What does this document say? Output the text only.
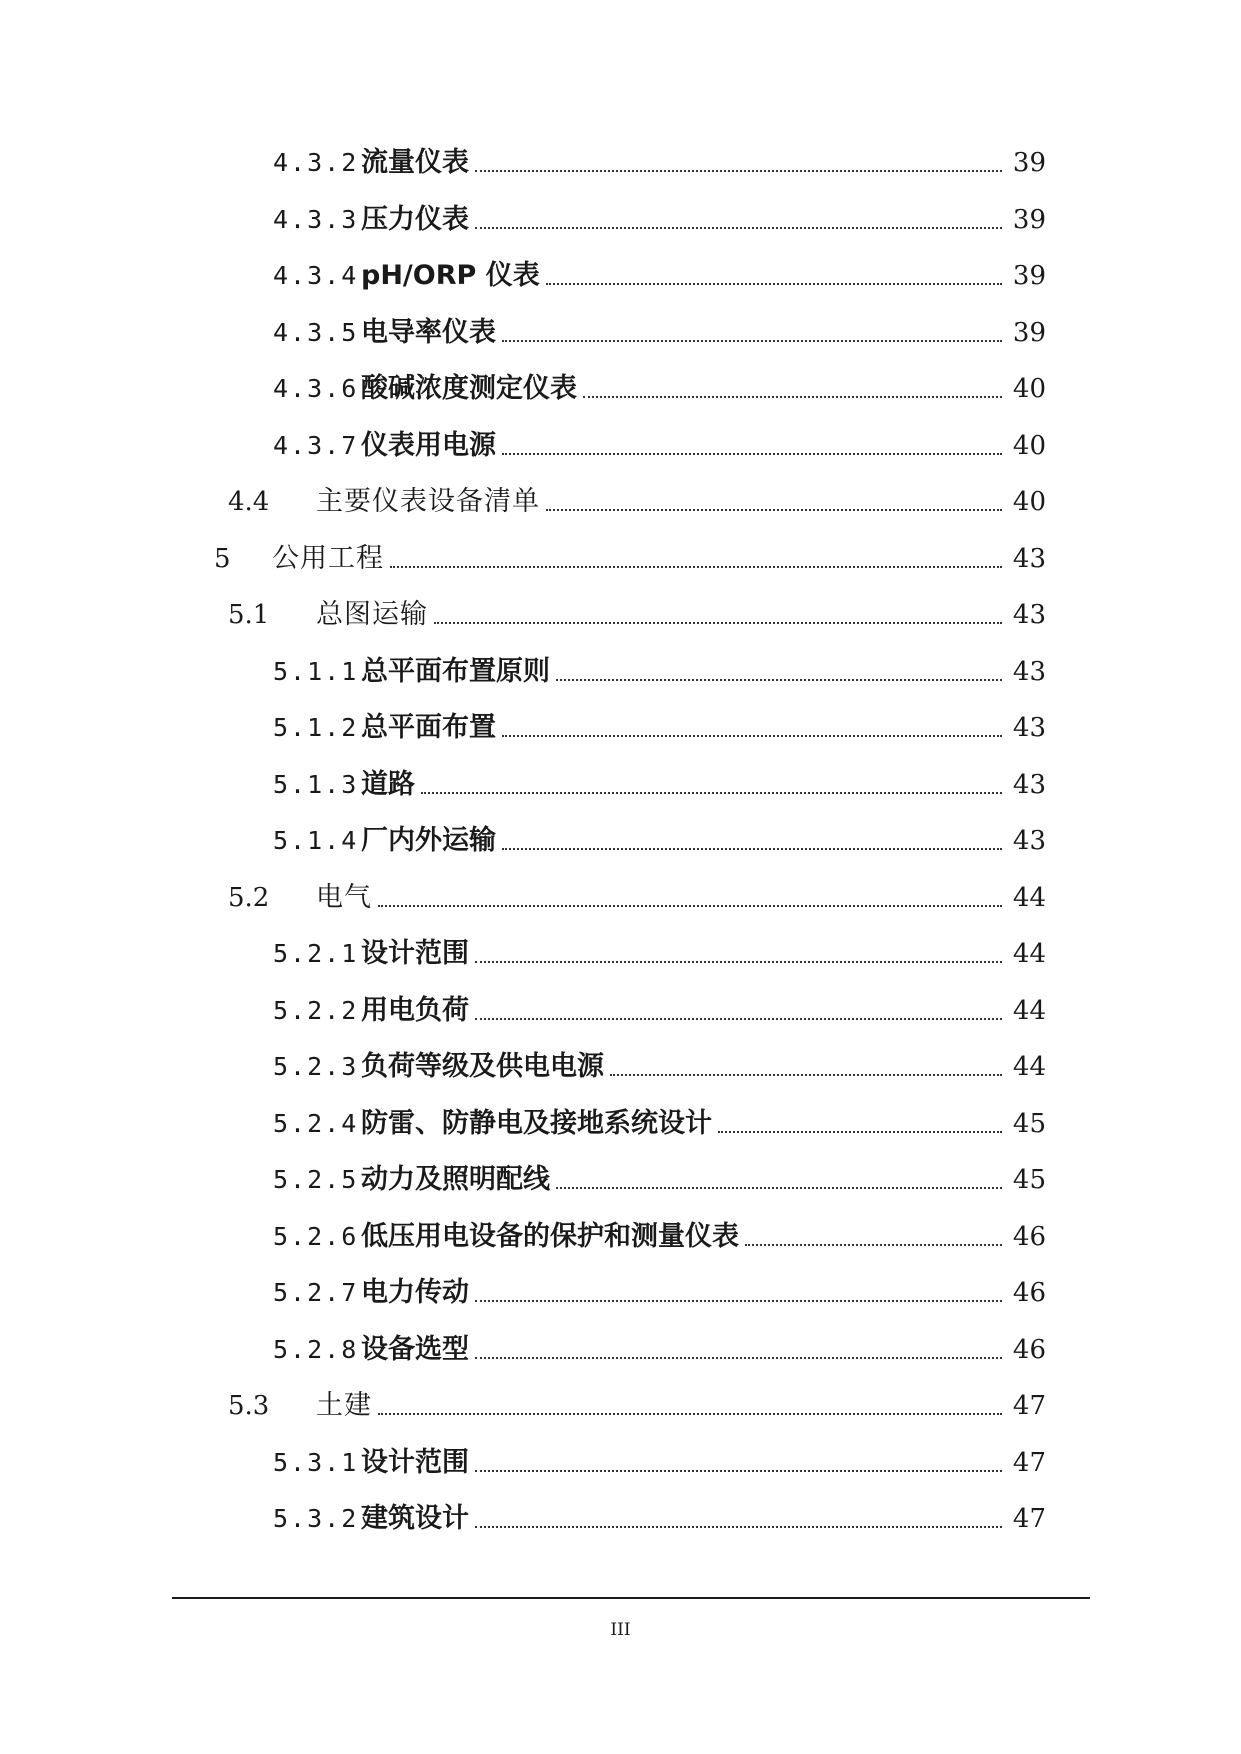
4.3.2 流量仪表	39
4.3.3 压力仪表	39
4.3.4 pH/ORP 仪表	39
4.3.5 电导率仪表	39
4.3.6 酸碱浓度测定仪表	40
4.3.7 仪表用电源	40
4.4	主要仪表设备清单	40
5	公用工程	43
5.1	总图运输	43
5.1.1 总平面布置原则	43
5.1.2 总平面布置	43
5.1.3 道路	43
5.1.4 厂内外运输	43
5.2	电气	44
5.2.1 设计范围	44
5.2.2 用电负荷	44
5.2.3 负荷等级及供电电源	44
5.2.4 防雷、防静电及接地系统设计	45
5.2.5 动力及照明配线	45
5.2.6 低压用电设备的保护和测量仪表	46
5.2.7 电力传动	46
5.2.8 设备选型	46
5.3	土建	47
5.3.1 设计范围	47
5.3.2 建筑设计	47
III
